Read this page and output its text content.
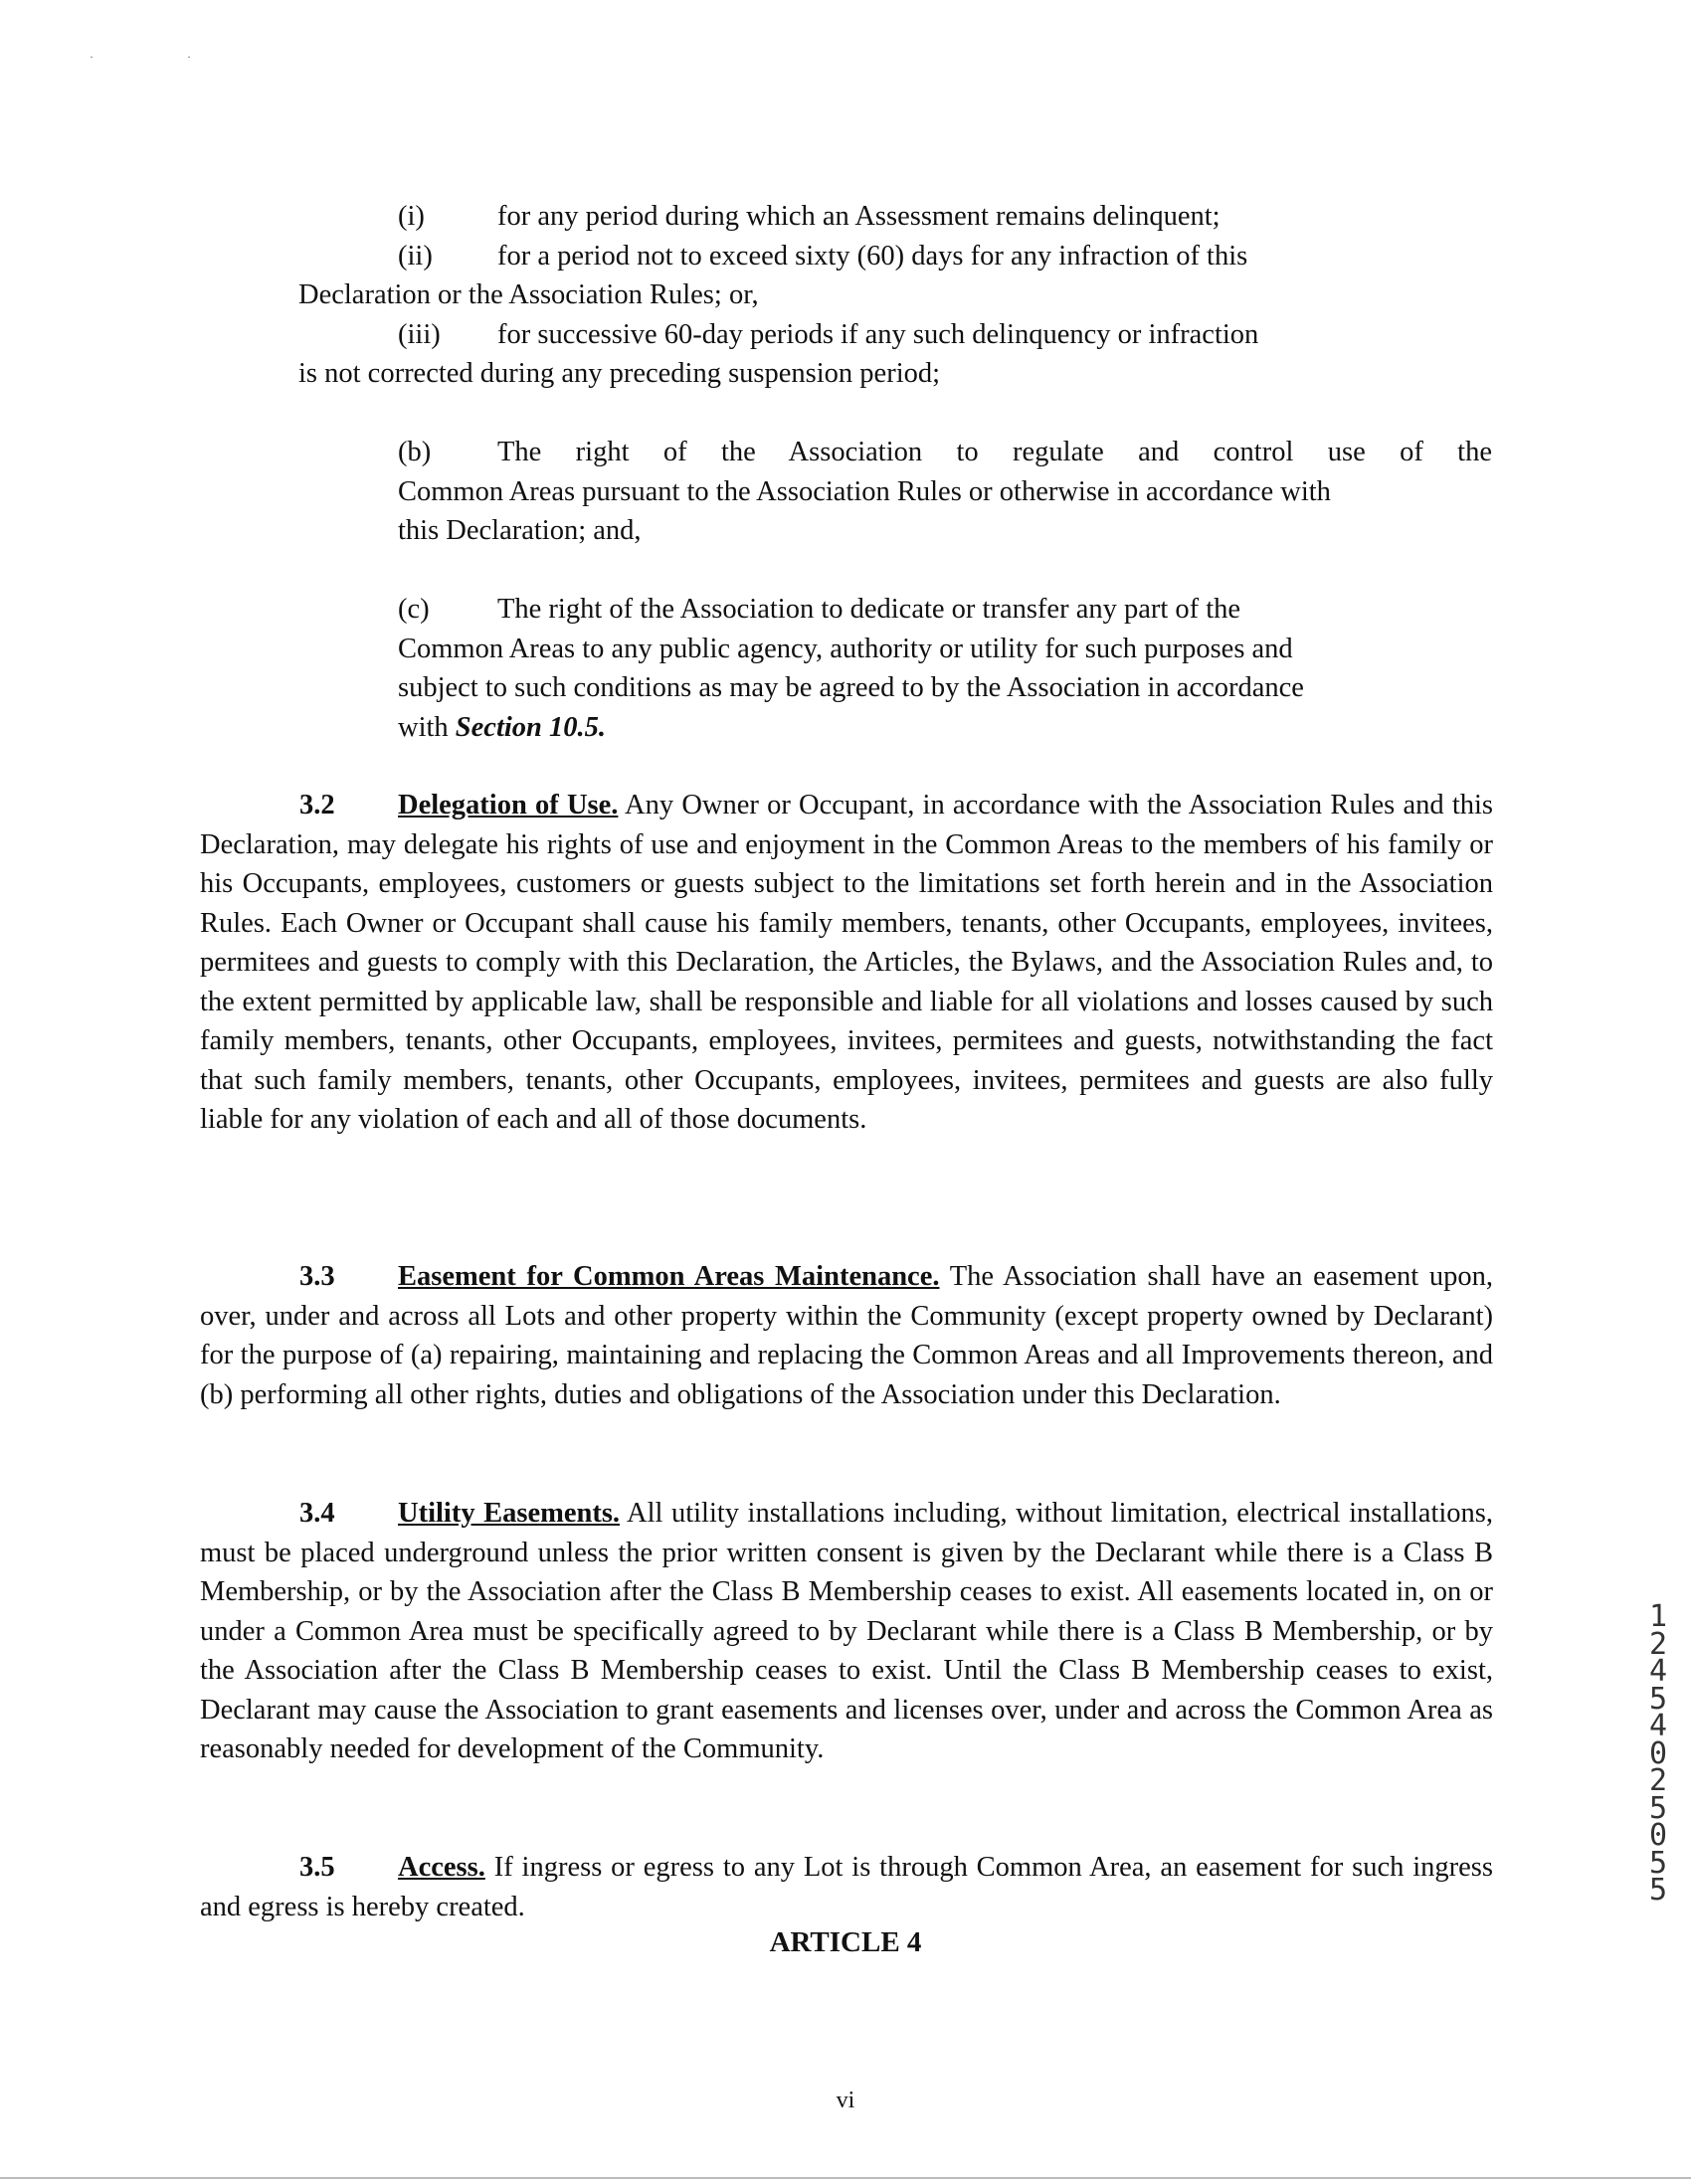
·	·
(i)	for any period during which an Assessment remains delinquent;
(ii) for a period not to exceed sixty (60) days for any infraction of this
Declaration or the Association Rules; or,
(iii) for successive 60-day periods if any such delinquency or infraction
is not corrected during any preceding suspension period;
(b) The right of the Association to regulate and control use of the
Common Areas pursuant to the Association Rules or otherwise in accordance with
this Declaration; and,
(c) The right of the Association to dedicate or transfer any part of the
Common Areas to any public agency, authority or utility for such purposes and
subject to such conditions as may be agreed to by the Association in accordance
with Section 10.5.
3.2 Delegation of Use. Any Owner or Occupant, in accordance with the Association Rules and this Declaration, may delegate his rights of use and enjoyment in the Common Areas to the members of his family or his Occupants, employees, customers or guests subject to the limitations set forth herein and in the Association Rules. Each Owner or Occupant shall cause his family members, tenants, other Occupants, employees, invitees, permitees and guests to comply with this Declaration, the Articles, the Bylaws, and the Association Rules and, to the extent permitted by applicable law, shall be responsible and liable for all violations and losses caused by such family members, tenants, other Occupants, employees, invitees, permitees and guests, notwithstanding the fact that such family members, tenants, other Occupants, employees, invitees, permitees and guests are also fully liable for any violation of each and all of those documents.
3.3 Easement for Common Areas Maintenance. The Association shall have an easement upon, over, under and across all Lots and other property within the Community (except property owned by Declarant) for the purpose of (a) repairing, maintaining and replacing the Common Areas and all Improvements thereon, and (b) performing all other rights, duties and obligations of the Association under this Declaration.
3.4 Utility Easements. All utility installations including, without limitation, electrical installations, must be placed underground unless the prior written consent is given by the Declarant while there is a Class B Membership, or by the Association after the Class B Membership ceases to exist. All easements located in, on or under a Common Area must be specifically agreed to by Declarant while there is a Class B Membership, or by the Association after the Class B Membership ceases to exist. Until the Class B Membership ceases to exist, Declarant may cause the Association to grant easements and licenses over, under and across the Common Area as reasonably needed for development of the Community.
3.5 Access. If ingress or egress to any Lot is through Common Area, an easement for such ingress and egress is hereby created.
ARTICLE 4
vi
1
2
4
5
4
0
2
5
0
5
5
